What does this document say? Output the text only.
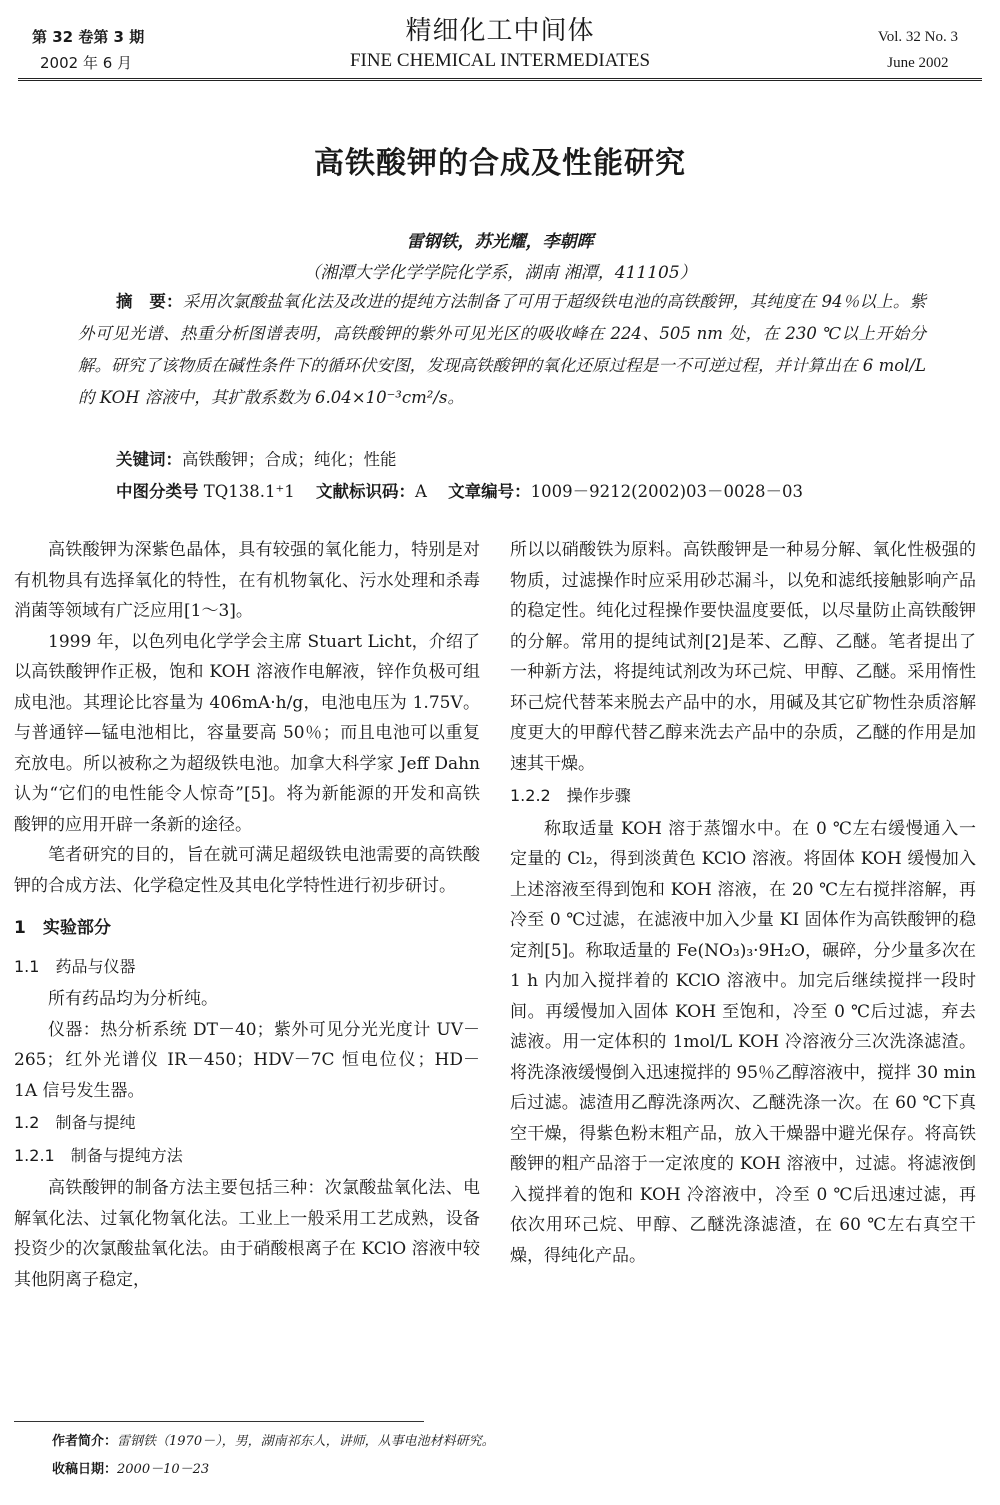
第 32 卷第 3 期
2002 年 6 月
精细化工中间体
FINE CHEMICAL INTERMEDIATES
Vol. 32 No. 3
June 2002
高铁酸钾的合成及性能研究
雷钢铁，苏光耀，李朝晖
（湘潭大学化学学院化学系，湖南 湘潭，411105）
摘　要：采用次氯酸盐氧化法及改进的提纯方法制备了可用于超级铁电池的高铁酸钾，其纯度在 94％以上。紫外可见光谱、热重分析图谱表明，高铁酸钾的紫外可见光区的吸收峰在 224、505 nm 处，在 230 ℃以上开始分解。研究了该物质在碱性条件下的循环伏安图，发现高铁酸钾的氧化还原过程是一不可逆过程，并计算出在 6 mol/L 的 KOH 溶液中，其扩散系数为 6.04×10⁻³cm²/s。
关键词：高铁酸钾；合成；纯化；性能
中图分类号 TQ138.1⁺1 文献标识码：A 文章编号：1009－9212(2002)03－0028－03

高铁酸钾为深紫色晶体，具有较强的氧化能力，特别是对有机物具有选择氧化的特性，在有机物氧化、污水处理和杀毒消菌等领域有广泛应用[1～3]。

1999 年，以色列电化学学会主席 Stuart Licht，介绍了以高铁酸钾作正极，饱和 KOH 溶液作电解液，锌作负极可组成电池。其理论比容量为 406mA·h/g，电池电压为 1.75V。与普通锌—锰电池相比，容量要高 50％；而且电池可以重复充放电。所以被称之为超级铁电池。加拿大科学家 Jeff Dahn 认为“它们的电性能令人惊奇”[5]。将为新能源的开发和高铁酸钾的应用开辟一条新的途径。

笔者研究的目的，旨在就可满足超级铁电池需要的高铁酸钾的合成方法、化学稳定性及其电化学特性进行初步研讨。

1　实验部分
1.1　药品与仪器

所有药品均为分析纯。

仪器：热分析系统 DT－40；紫外可见分光光度计 UV－265；红外光谱仪 IR－450；HDV－7C 恒电位仪；HD－1A 信号发生器。

1.2　制备与提纯
1.2.1　制备与提纯方法

高铁酸钾的制备方法主要包括三种：次氯酸盐氧化法、电解氧化法、过氧化物氧化法。工业上一般采用工艺成熟，设备投资少的次氯酸盐氧化法。由于硝酸根离子在 KClO 溶液中较其他阴离子稳定，

所以以硝酸铁为原料。高铁酸钾是一种易分解、氧化性极强的物质，过滤操作时应采用砂芯漏斗，以免和滤纸接触影响产品的稳定性。纯化过程操作要快温度要低，以尽量防止高铁酸钾的分解。常用的提纯试剂[2]是苯、乙醇、乙醚。笔者提出了一种新方法，将提纯试剂改为环己烷、甲醇、乙醚。采用惰性环己烷代替苯来脱去产品中的水，用碱及其它矿物性杂质溶解度更大的甲醇代替乙醇来洗去产品中的杂质，乙醚的作用是加速其干燥。

1.2.2　操作步骤

称取适量 KOH 溶于蒸馏水中。在 0 ℃左右缓慢通入一定量的 Cl₂，得到淡黄色 KClO 溶液。将固体 KOH 缓慢加入上述溶液至得到饱和 KOH 溶液，在 20 ℃左右搅拌溶解，再冷至 0 ℃过滤，在滤液中加入少量 KI 固体作为高铁酸钾的稳定剂[5]。称取适量的 Fe(NO₃)₃·9H₂O，碾碎，分少量多次在 1 h 内加入搅拌着的 KClO 溶液中。加完后继续搅拌一段时间。再缓慢加入固体 KOH 至饱和，冷至 0 ℃后过滤，弃去滤液。用一定体积的 1mol/L KOH 冷溶液分三次洗涤滤渣。将洗涤液缓慢倒入迅速搅拌的 95％乙醇溶液中，搅拌 30 min 后过滤。滤渣用乙醇洗涤两次、乙醚洗涤一次。在 60 ℃下真空干燥，得紫色粉末粗产品，放入干燥器中避光保存。将高铁酸钾的粗产品溶于一定浓度的 KOH 溶液中，过滤。将滤液倒入搅拌着的饱和 KOH 冷溶液中，冷至 0 ℃后迅速过滤，再依次用环己烷、甲醇、乙醚洗涤滤渣，在 60 ℃左右真空干燥，得纯化产品。

作者简介：雷钢铁（1970－），男，湖南祁东人，讲师，从事电池材料研究。
收稿日期：2000－10－23
